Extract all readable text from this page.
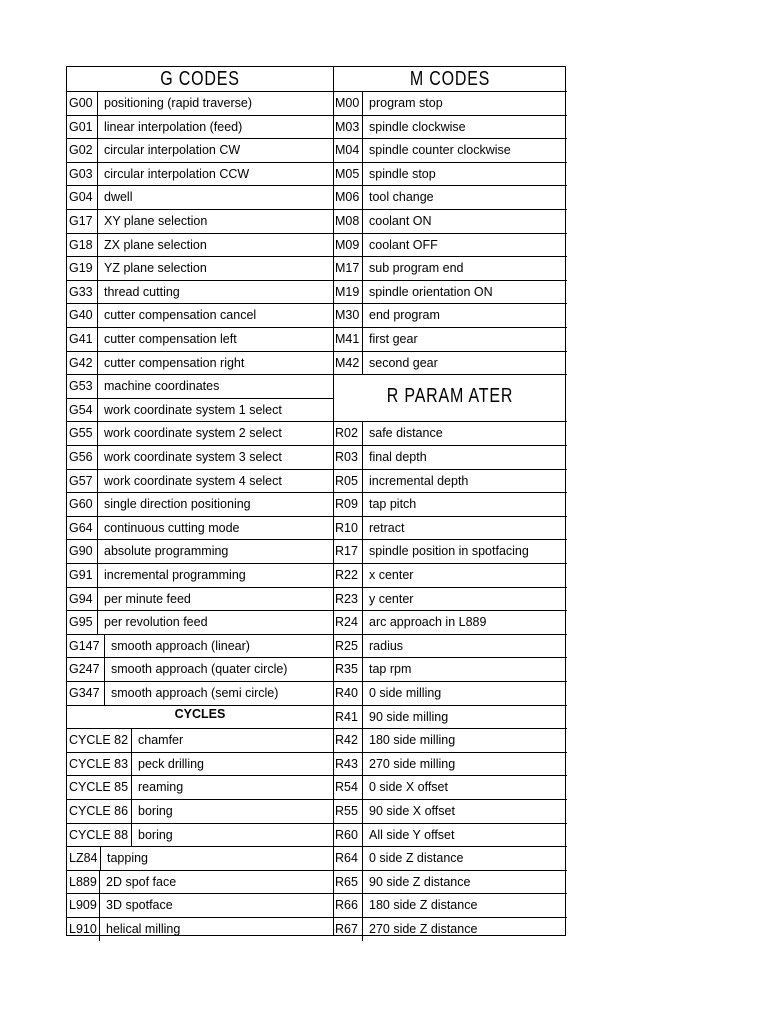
G CODES	M CODES
R PARAM ATER
CYCLES
G00 positioning (rapid traverse)
G01 linear interpolation (feed)
G02 circular interpolation CW
G03 circular interpolation CCW
G04 dwell
G17 XY plane selection
G18 ZX plane selection
G19 YZ plane selection
G33 thread cutting
G40 cutter compensation cancel
G41 cutter compensation left
G42 cutter compensation right
G53 machine coordinates
G54 work coordinate system 1 select
G55 work coordinate system 2 select
G56 work coordinate system 3 select
G57 work coordinate system 4 select
G60 single direction positioning
G64 continuous cutting mode
G90 absolute programming
G91 incremental programming
G94 per minute feed
G95 per revolution feed
G147 smooth approach (linear)
G247 smooth approach (quater circle)
G347 smooth approach (semi circle)
CYCLE 82 chamfer
CYCLE 83 peck drilling
CYCLE 85 reaming
CYCLE 86 boring
CYCLE 88 boring
LZ84 tapping
L889 2D spof face
L909 3D spotface
L910 helical milling
M00 program stop
M03 spindle clockwise
M04 spindle counter clockwise
M05 spindle stop
M06 tool change
M08 coolant ON
M09 coolant OFF
M17 sub program end
M19 spindle orientation ON
M30 end program
M41 first gear
M42 second gear
R02 safe distance
R03 final depth
R05 incremental depth
R09 tap pitch
R10 retract
R17 spindle position in spotfacing
R22 x center
R23 y center
R24 arc approach in L889
R25 radius
R35 tap rpm
R40 0 side milling
R41 90 side milling
R42 180 side milling
R43 270 side milling
R54 0 side X offset
R55 90 side X offset
R60 All side Y offset
R64 0 side Z distance
R65 90 side Z distance
R66 180 side Z distance
R67 270 side Z distance
